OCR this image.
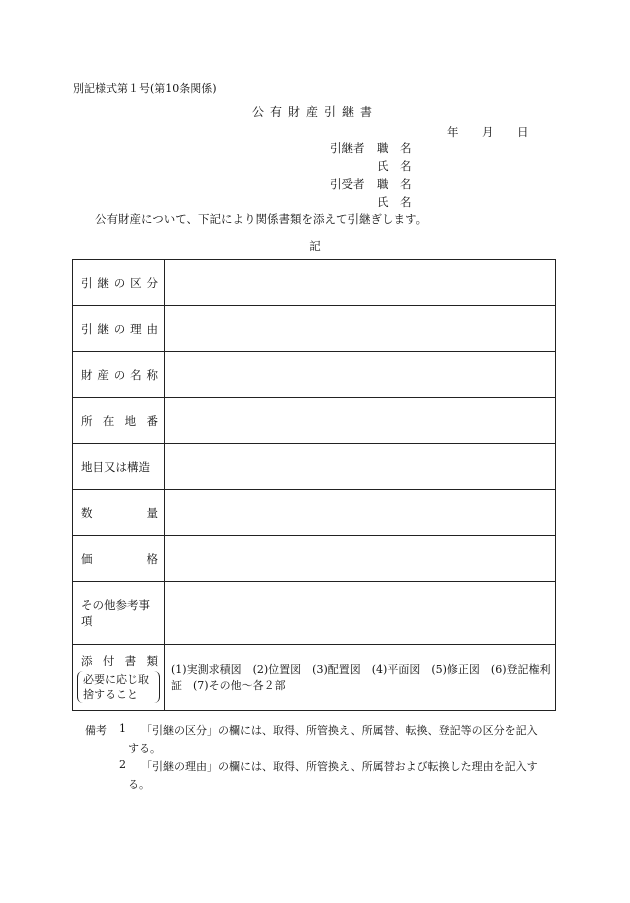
別記様式第１号(第10条関係)
公有財産引継書
年 月 日
引継者 職　名
氏　名
引受者 職　名
氏　名
公有財産について、下記により関係書類を添えて引継ぎします。
記
引 継 の 区 分	

引 継 の 理 由	

財 産 の 名 称	

所 在 地 番	

地目又は構造	

数 量	

価 格	

その他参考事項	

添 付 書 類
必要に応じ取捨すること	(1)実測求積図　(2)位置図　(3)配置図　(4)平面図　(5)修正図　(6)登記権利証　(7)その他～各２部
備考 1 「引継の区分」の欄には、取得、所管換え、所属替、転換、登記等の区分を記入
する。
2 「引継の理由」の欄には、取得、所管換え、所属替および転換した理由を記入す
る。
